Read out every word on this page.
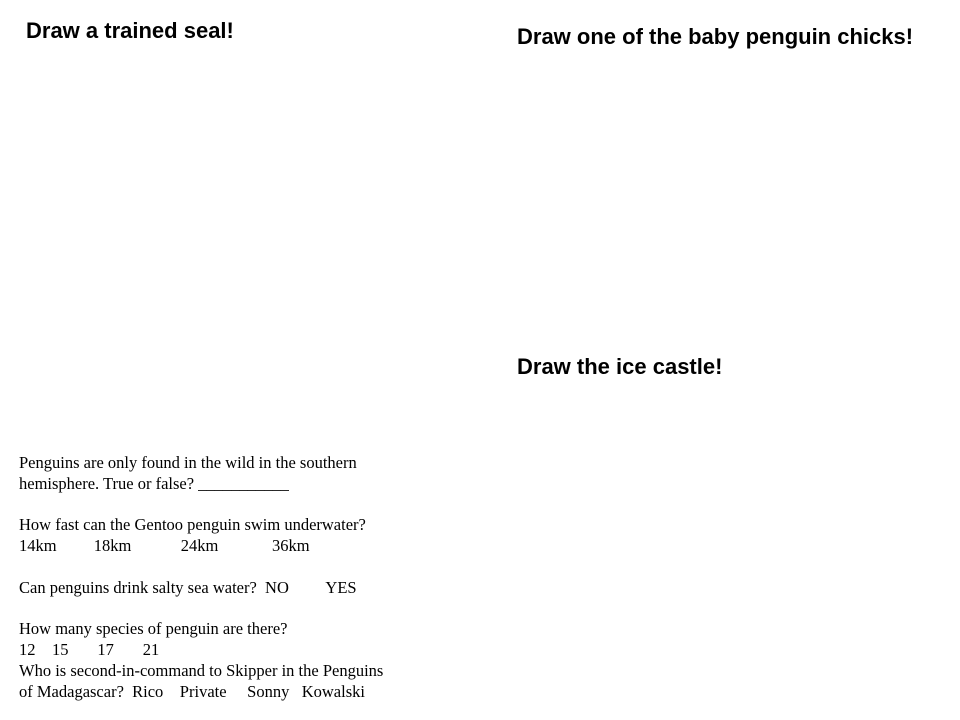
Draw a trained seal!	Draw one of the baby penguin chicks!
Draw the ice castle!
Penguins are only found in the wild in the southern
hemisphere. True or false? ___________
How fast can the Gentoo penguin swim underwater?
14km         18km            24km             36km
Can penguins drink salty sea water?  NO         YES
How many species of penguin are there?
12    15       17       21
Who is second-in-command to Skipper in the Penguins
of Madagascar?  Rico    Private     Sonny   Kowalski
